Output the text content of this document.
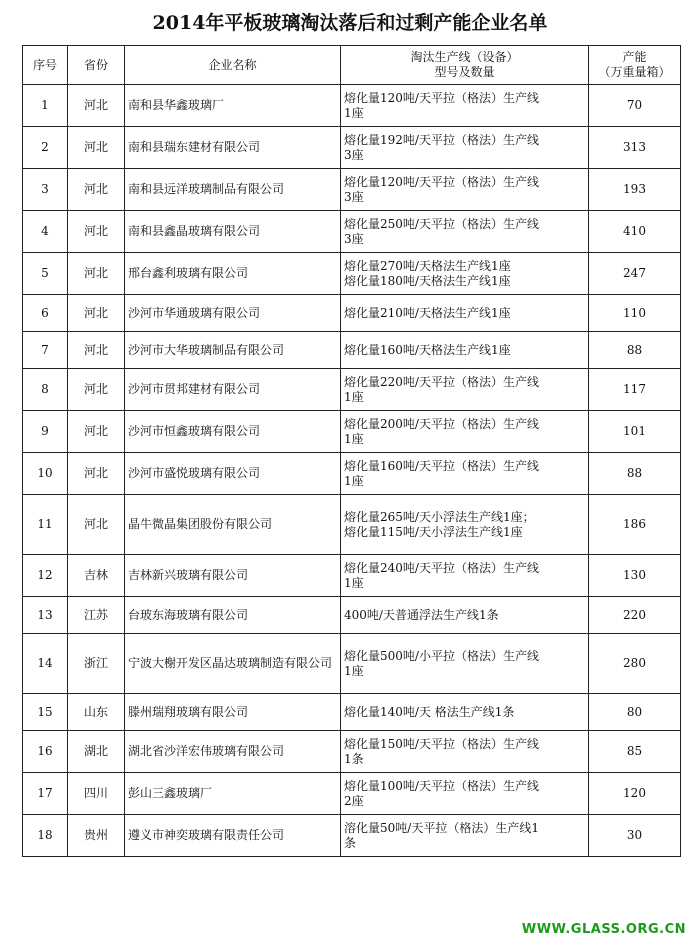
2014年平板玻璃淘汰落后和过剩产能企业名单
序号	省份	企业名称	淘汰生产线（设备）
型号及数量	产能
（万重量箱）
1	河北	南和县华鑫玻璃厂	熔化量120吨/天平拉（格法）生产线
1座	70
2	河北	南和县瑞东建材有限公司	熔化量192吨/天平拉（格法）生产线
3座	313
3	河北	南和县远洋玻璃制品有限公司	熔化量120吨/天平拉（格法）生产线
3座	193
4	河北	南和县鑫晶玻璃有限公司	熔化量250吨/天平拉（格法）生产线
3座	410
5	河北	邢台鑫利玻璃有限公司	熔化量270吨/天格法生产线1座
熔化量180吨/天格法生产线1座	247
6	河北	沙河市华通玻璃有限公司	熔化量210吨/天格法生产线1座	110
7	河北	沙河市大华玻璃制品有限公司	熔化量160吨/天格法生产线1座	88
8	河北	沙河市贯邦建材有限公司	熔化量220吨/天平拉（格法）生产线
1座	117
9	河北	沙河市恒鑫玻璃有限公司	熔化量200吨/天平拉（格法）生产线
1座	101
10	河北	沙河市盛悦玻璃有限公司	熔化量160吨/天平拉（格法）生产线
1座	88
11	河北	晶牛微晶集团股份有限公司	熔化量265吨/天小浮法生产线1座；
熔化量115吨/天小浮法生产线1座	186
12	吉林	吉林新兴玻璃有限公司	熔化量240吨/天平拉（格法）生产线
1座	130
13	江苏	台玻东海玻璃有限公司	400吨/天普通浮法生产线1条	220
14	浙江	宁波大榭开发区晶达玻璃制造有限公司	熔化量500吨/小平拉（格法）生产线
1座	280
15	山东	滕州瑞翔玻璃有限公司	熔化量140吨/天 格法生产线1条	80
16	湖北	湖北省沙洋宏伟玻璃有限公司	熔化量150吨/天平拉（格法）生产线
1条	85
17	四川	彭山三鑫玻璃厂	熔化量100吨/天平拉（格法）生产线
2座	120
18	贵州	遵义市神奕玻璃有限责任公司	溶化量50吨/天平拉（格法）生产线1
条	30
WWW.GLASS.ORG.CN
